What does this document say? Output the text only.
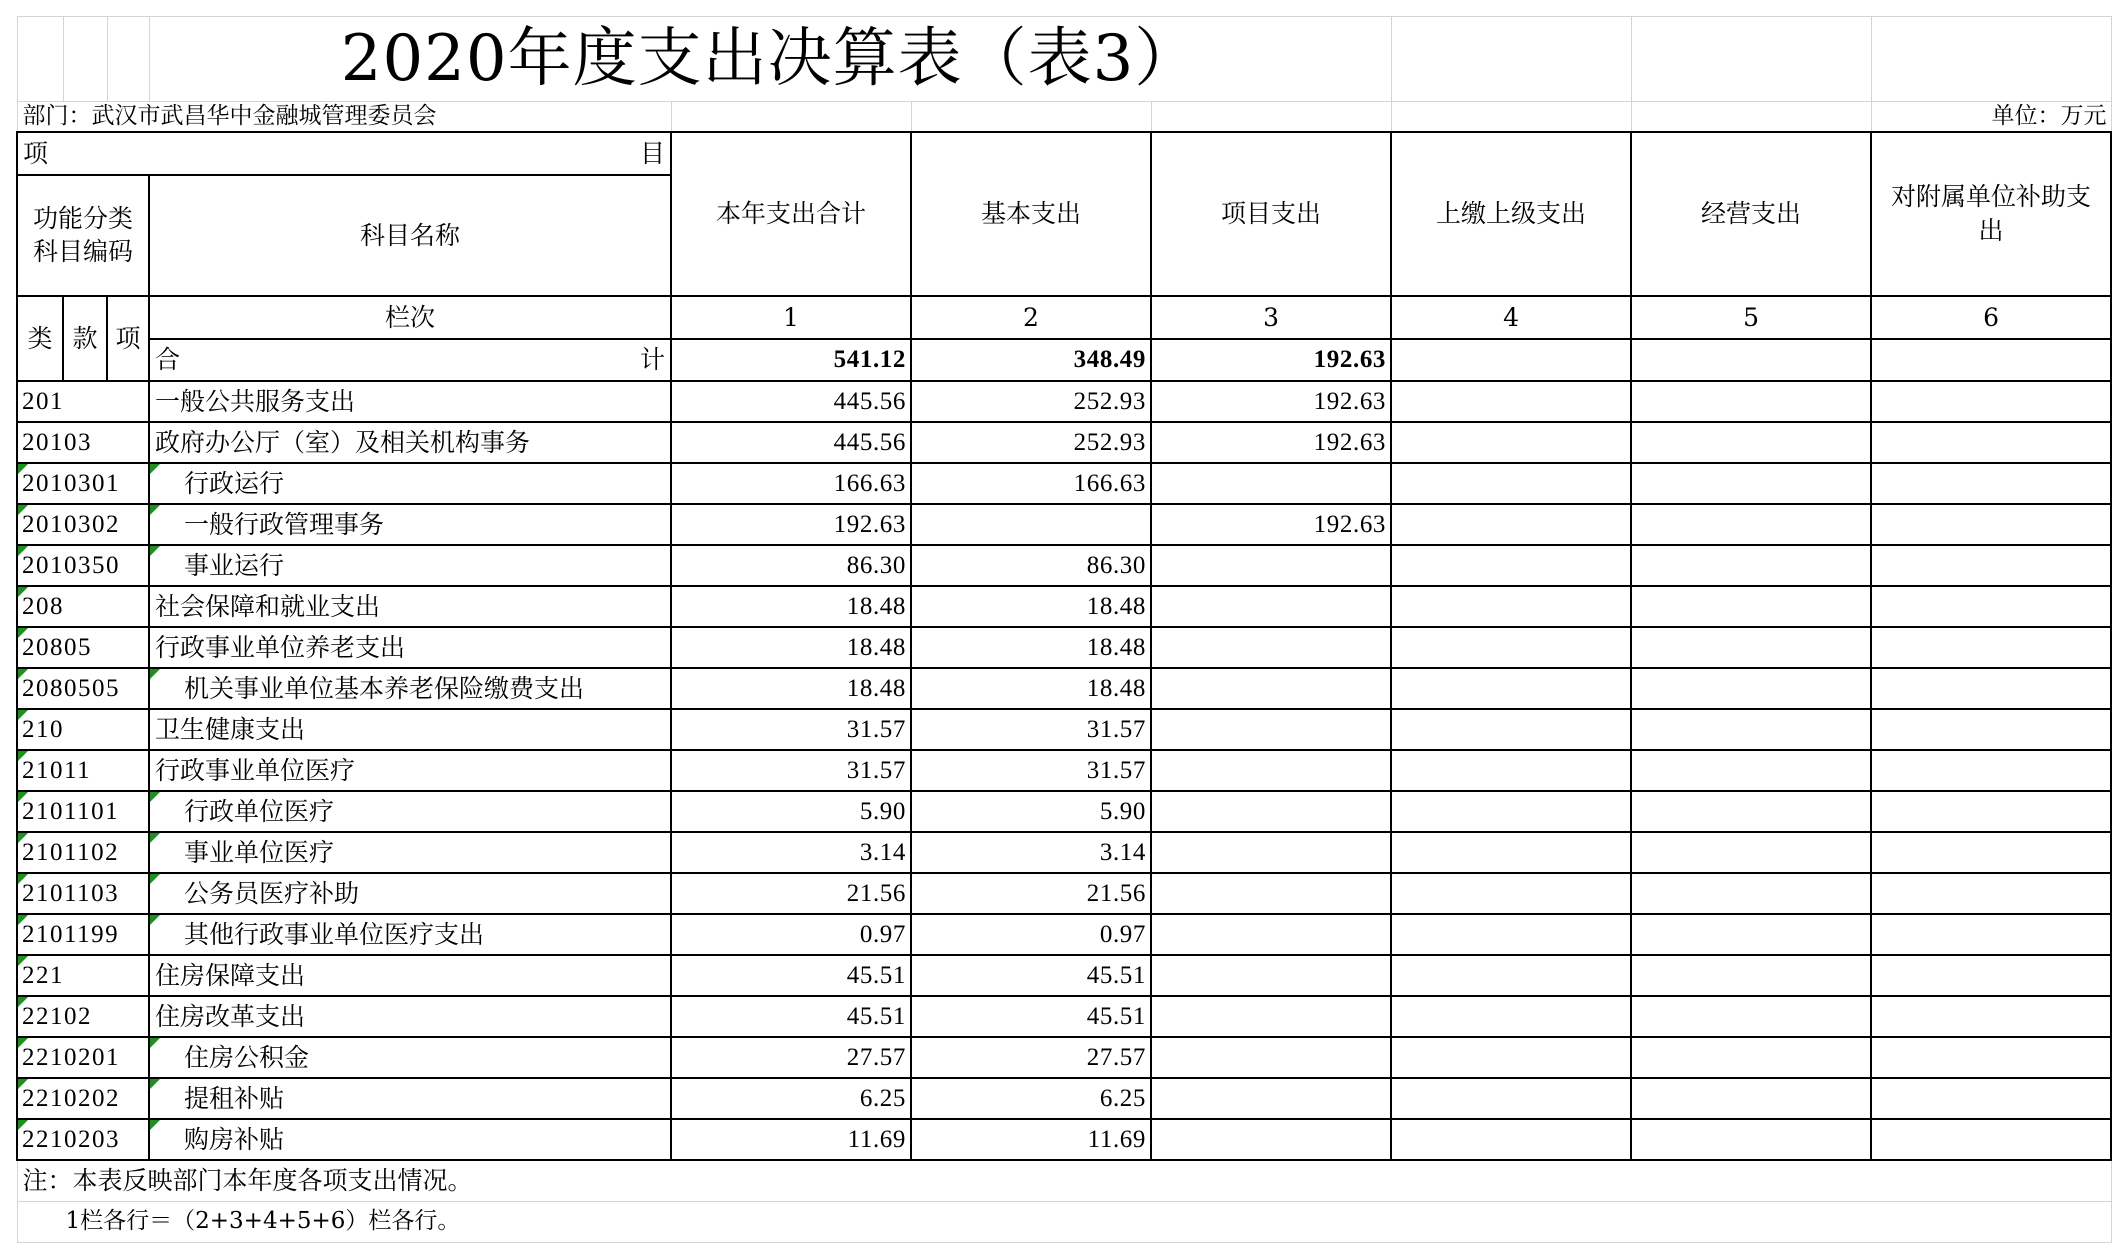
			2020年度支出决算表（表3）						
部门：武汉市武昌华中金融城管理委员会									单位：万元

项 目				本年支出合计	基本支出	项目支出	上缴上级支出	经营支出	对附属单位补助支出
功能分类科目编码			科目名称						
类	款	项	栏次	1	2	3	4	5	6

			合 计	541.12	348.49	192.63			
201			一般公共服务支出	445.56	252.93	192.63			
20103			政府办公厅（室）及相关机构事务	445.56	252.93	192.63			
2010301			行政运行	166.63	166.63				
2010302			一般行政管理事务	192.63		192.63			
2010350			事业运行	86.30	86.30				
208			社会保障和就业支出	18.48	18.48				
20805			行政事业单位养老支出	18.48	18.48				
2080505			机关事业单位基本养老保险缴费支出	18.48	18.48				
210			卫生健康支出	31.57	31.57				
21011			行政事业单位医疗	31.57	31.57				
2101101			行政单位医疗	5.90	5.90				
2101102			事业单位医疗	3.14	3.14				
2101103			公务员医疗补助	21.56	21.56				
2101199			其他行政事业单位医疗支出	0.97	0.97				
221			住房保障支出	45.51	45.51				
22102			住房改革支出	45.51	45.51				
2210201			住房公积金	27.57	27.57				
2210202			提租补贴	6.25	6.25				
2210203			购房补贴	11.69	11.69				
注：本表反映部门本年度各项支出情况。									
1栏各行＝（2+3+4+5+6）栏各行。									
